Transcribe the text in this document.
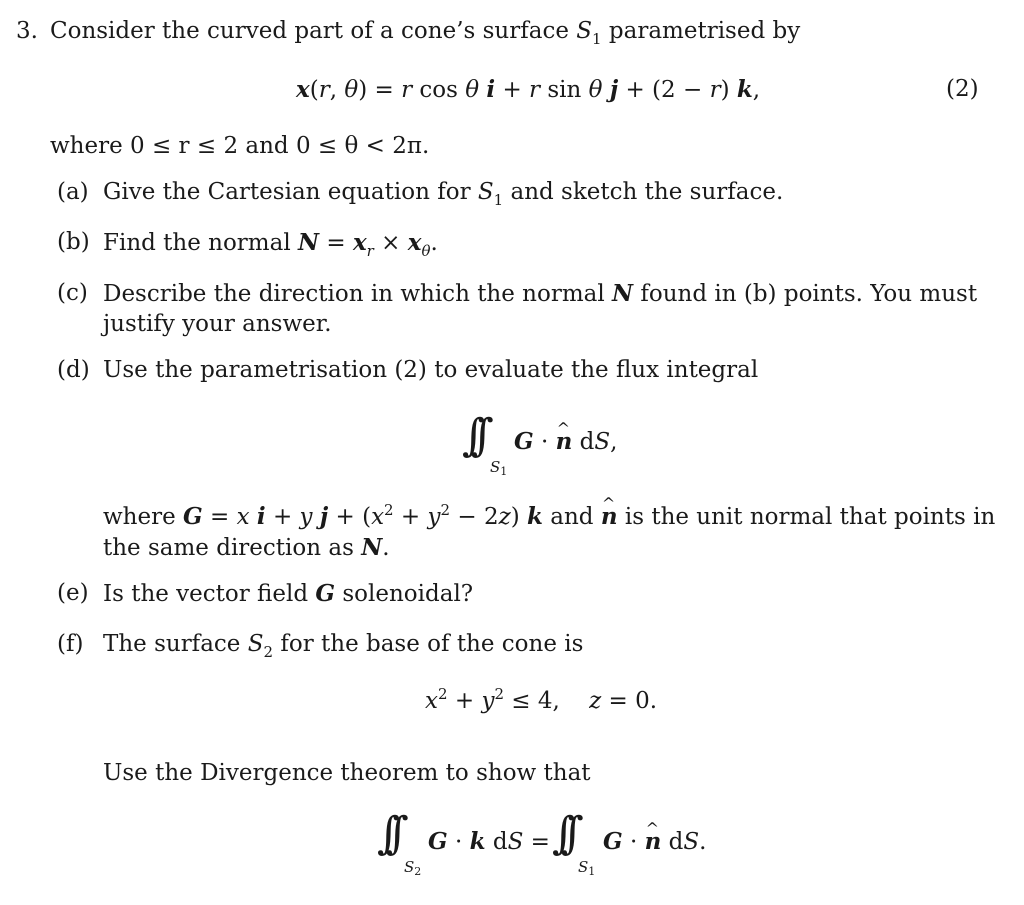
3. Consider the curved part of a cone’s surface $S_1$ parametrised by
x(r, θ) = r cos θ i + r sin θ j + (2 − r) k,	(2)
where 0 ≤ r ≤ 2 and 0 ≤ θ < 2π.
(a) Give the Cartesian equation for $S_1$ and sketch the surface.
(b) Find the normal $N = x_r \times x_\theta$.
(c) Describe the direction in which the normal N found in (b) points. You must
justify your answer.
(d) Use the parametrisation (2) to evaluate the flux integral
∫∫
$S_1$
G · ^ n dS,
where G = x i + y $j + (x^2 + y^2 - 2z)$ k and ^ n is the unit normal that points in
the same direction as N.
(e) Is the vector field G solenoidal?
(f) The surface $S_2$ for the base of the cone is
$x^2 + y^2 \le 4$,    z = 0.
Use the Divergence theorem to show that
∫∫
$S_2$
G · k dS = ∫∫
$S_1$
G · ^ n dS.
